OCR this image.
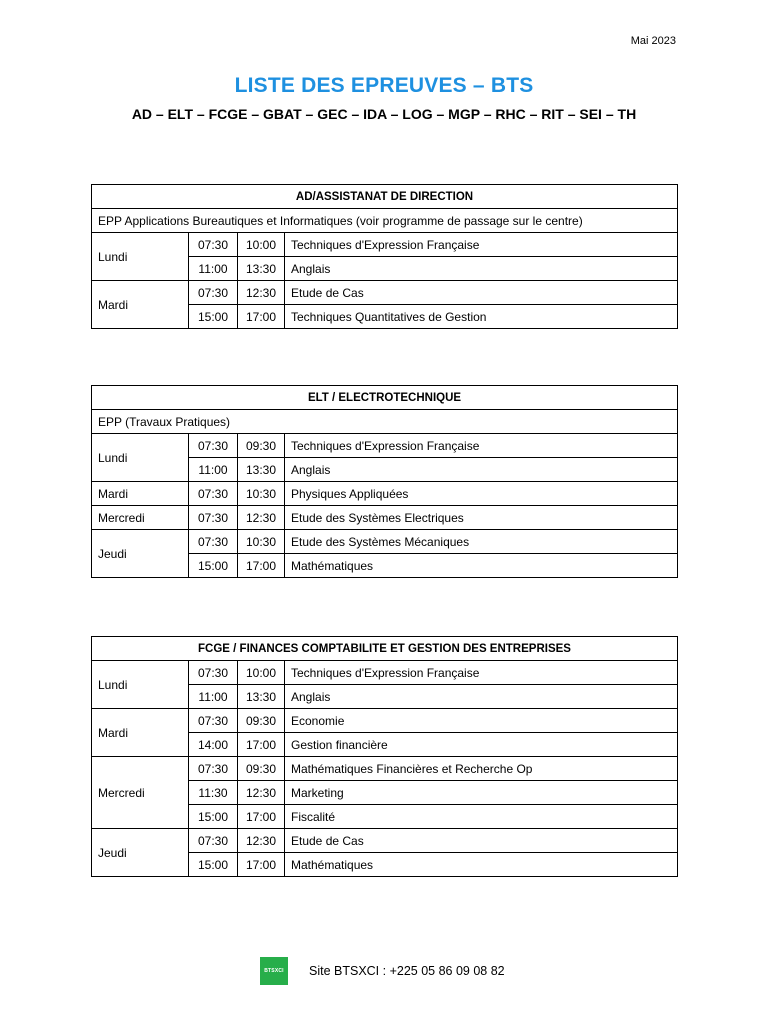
Mai 2023
LISTE DES EPREUVES – BTS
AD – ELT – FCGE – GBAT – GEC – IDA – LOG – MGP – RHC – RIT – SEI – TH
AD/ASSISTANAT DE DIRECTION			
EPP Applications Bureautiques et Informatiques (voir programme de passage sur le centre)			
Lundi	07:30	10:00	Techniques d'Expression Française
	11:00	13:30	Anglais
Mardi	07:30	12:30	Etude de Cas
	15:00	17:00	Techniques Quantitatives de Gestion
ELT / ELECTROTECHNIQUE			
EPP (Travaux Pratiques)			
Lundi	07:30	09:30	Techniques d'Expression Française
	11:00	13:30	Anglais
Mardi	07:30	10:30	Physiques Appliquées
Mercredi	07:30	12:30	Etude des Systèmes Electriques
Jeudi	07:30	10:30	Etude des Systèmes Mécaniques
	15:00	17:00	Mathématiques
FCGE / FINANCES COMPTABILITE ET GESTION DES ENTREPRISES			
Lundi	07:30	10:00	Techniques d'Expression Française
	11:00	13:30	Anglais
Mardi	07:30	09:30	Economie
	14:00	17:00	Gestion financière
Mercredi	07:30	09:30	Mathématiques Financières et Recherche Op
	11:30	12:30	Marketing
	15:00	17:00	Fiscalité
Jeudi	07:30	12:30	Etude de Cas
	15:00	17:00	Mathématiques
BTSXCI	Site BTSXCI : +225 05 86 09 08 82
